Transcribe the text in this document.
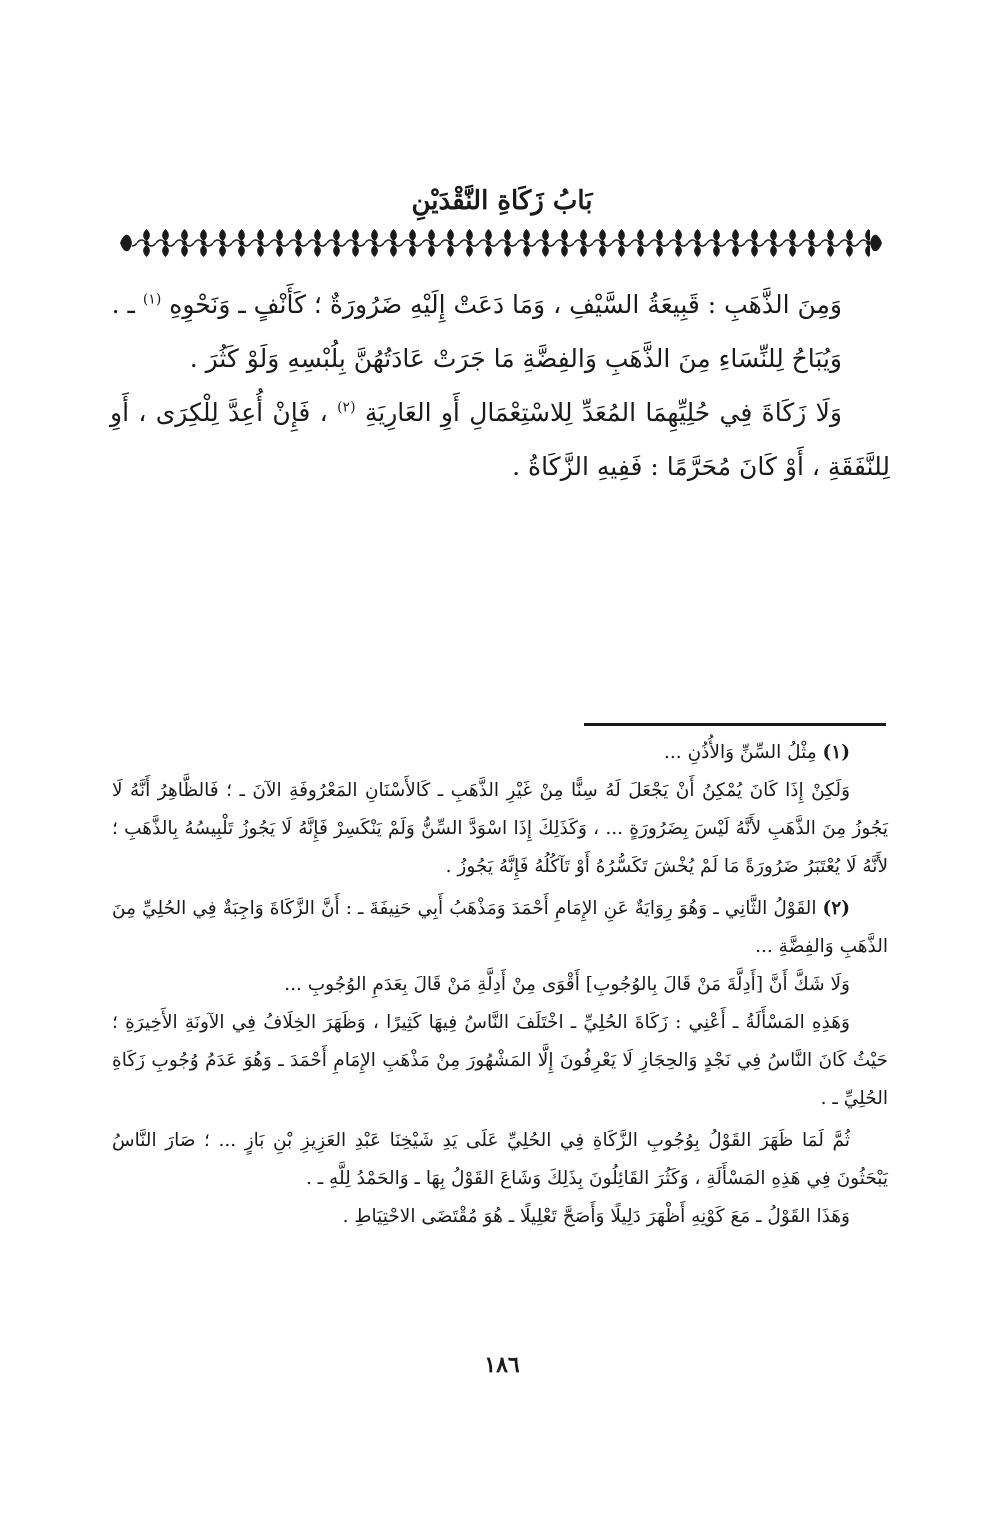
بَابُ زَكَاةِ النَّقْدَيْنِ

وَمِنَ الذَّهَبِ : قَبِيعَةُ السَّيْفِ ، وَمَا دَعَتْ إِلَيْهِ ضَرُورَةٌ ؛ كَأَنْفٍ ـ وَنَحْوِهِ $^{(١)}$ ـ .

وَيُبَاحُ لِلنِّسَاءِ مِنَ الذَّهَبِ وَالفِضَّةِ مَا جَرَتْ عَادَتُهُنَّ بِلُبْسِهِ وَلَوْ كَثُرَ .

وَلَا زَكَاةَ فِي حُلِيِّهِمَا المُعَدِّ لِلاسْتِعْمَالِ أَوِ العَارِيَةِ $^{(٢)}$ ، فَإِنْ أُعِدَّ لِلْكِرَى ، أَوِ لِلنَّفَقَةِ ، أَوْ كَانَ مُحَرَّمًا : فَفِيهِ الزَّكَاةُ .

(١) مِثْلُ السِّنِّ وَالأُذُنِ ...

وَلَكِنْ إِذَا كَانَ يُمْكِنُ أَنْ يَجْعَلَ لَهُ سِنًّا مِنْ غَيْرِ الذَّهَبِ ـ كَالأَسْنَانِ المَعْرُوفَةِ الآنَ ـ ؛ فَالظَّاهِرُ أَنَّهُ لَا يَجُوزُ مِنَ الذَّهَبِ لأَنَّهُ لَيْسَ بِضَرُورَةٍ ... ، وَكَذَلِكَ إِذَا اسْوَدَّ السِّنُّ وَلَمْ يَنْكَسِرْ فَإِنَّهُ لَا يَجُوزُ تَلْبِيسُهُ بِالذَّهَبِ ؛ لأَنَّهُ لَا يُعْتَبَرُ ضَرُورَةً مَا لَمْ يُخْشَ تَكَسُّرُهُ أَوْ تَآكُلُهُ فَإِنَّهُ يَجُوزُ .

(٢) القَوْلُ الثَّانِي ـ وَهُوَ رِوَايَةٌ عَنِ الإِمَامِ أَحْمَدَ وَمَذْهَبُ أَبِي حَنِيفَةَ ـ : أَنَّ الزَّكَاةَ وَاجِبَةٌ فِي الحُلِيِّ مِنَ الذَّهَبِ وَالفِضَّةِ ...

وَلَا شَكَّ أَنَّ [أَدِلَّةَ مَنْ قَالَ بِالوُجُوبِ] أَقْوَى مِنْ أَدِلَّةِ مَنْ قَالَ بِعَدَمِ الوُجُوبِ ...

وَهَذِهِ المَسْأَلَةُ ـ أَعْنِي : زَكَاةَ الحُلِيِّ ـ اخْتَلَفَ النَّاسُ فِيهَا كَثِيرًا ، وَظَهَرَ الخِلَافُ فِي الآونَةِ الأَخِيرَةِ ؛ حَيْثُ كَانَ النَّاسُ فِي نَجْدٍ وَالحِجَازِ لَا يَعْرِفُونَ إِلَّا المَشْهُورَ مِنْ مَذْهَبِ الإِمَامِ أَحْمَدَ ـ وَهُوَ عَدَمُ وُجُوبِ زَكَاةِ الحُلِيِّ ـ .

ثُمَّ لَمَا ظَهَرَ القَوْلُ بِوُجُوبِ الزَّكَاةِ فِي الحُلِيِّ عَلَى يَدِ شَيْخِنَا عَبْدِ العَزِيزِ بْنِ بَازٍ ... ؛ صَارَ النَّاسُ يَبْحَثُونَ فِي هَذِهِ المَسْأَلَةِ ، وَكَثُرَ القَائِلُونَ بِذَلِكَ وَشَاعَ القَوْلُ بِهَا ـ وَالحَمْدُ لِلَّهِ ـ .

وَهَذَا القَوْلُ ـ مَعَ كَوْنِهِ أَظْهَرَ دَلِيلًا وَأَصَحَّ تَعْلِيلًا ـ هُوَ مُقْتَضَى الاحْتِيَاطِ .

١٨٦
